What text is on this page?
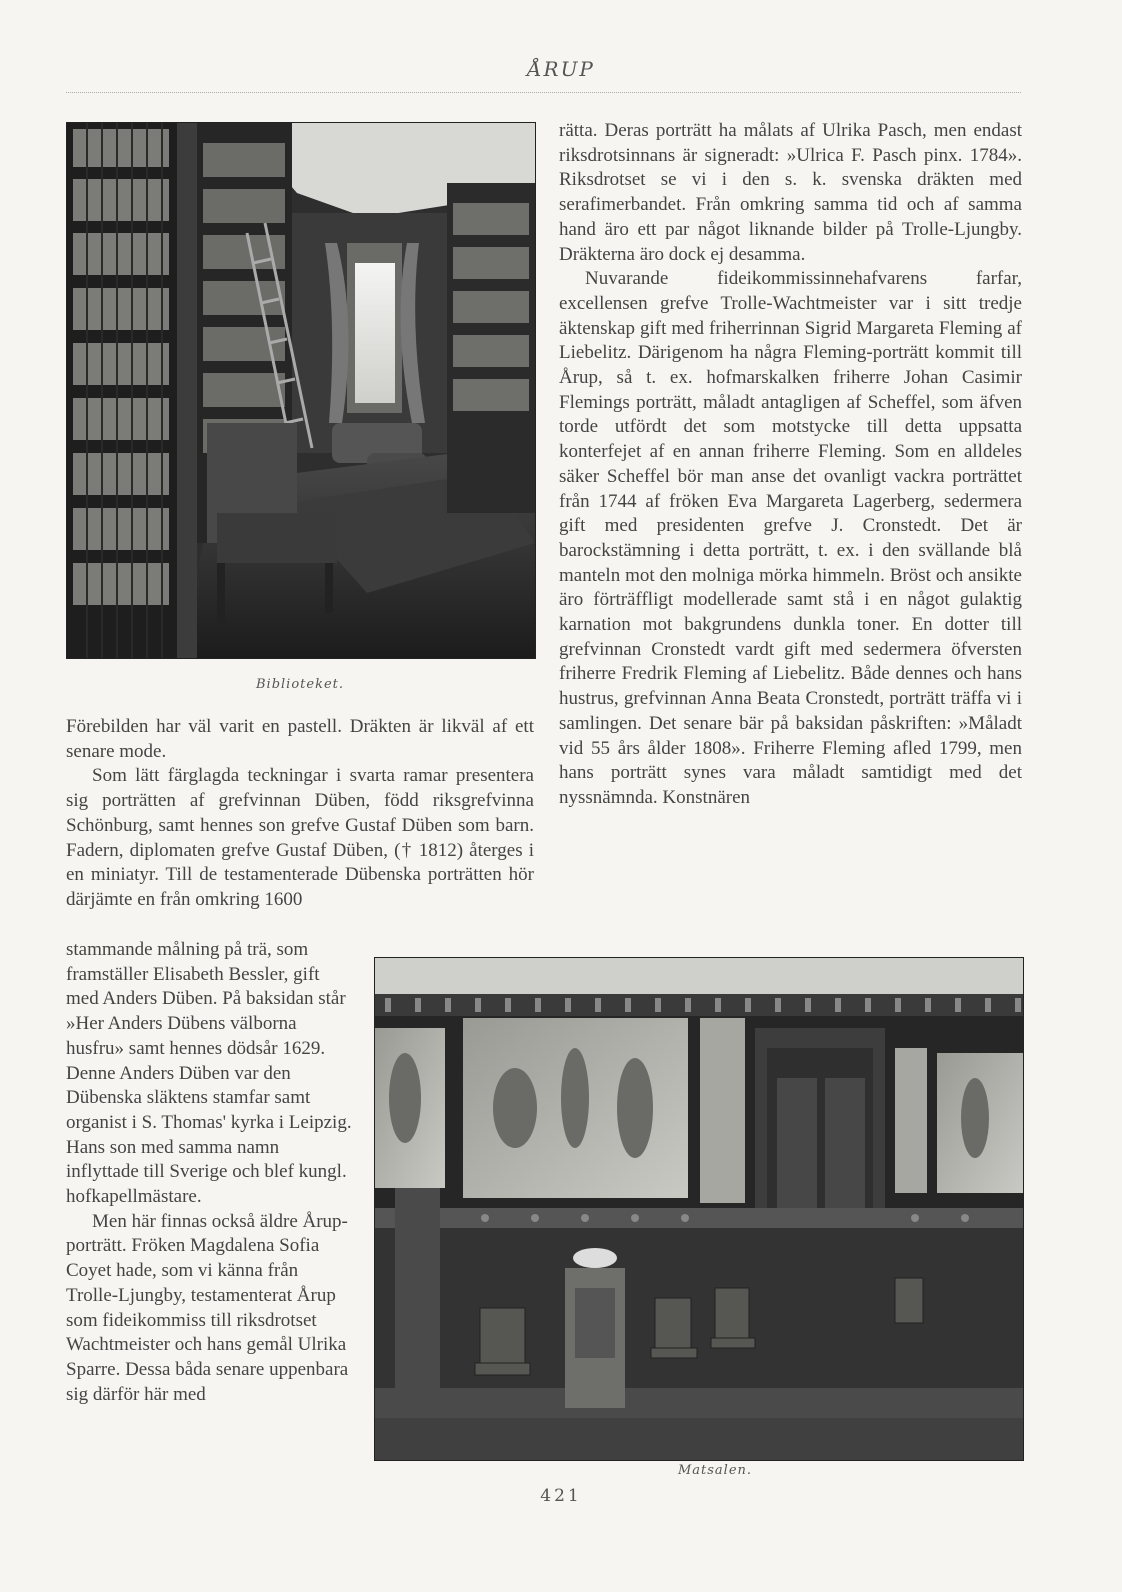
ÅRUP
Biblioteket.

rätta. Deras porträtt ha målats af Ulrika Pasch, men endast riksdrotsinnans är signeradt: »Ulrica F. Pasch pinx. 1784». Riksdrotset se vi i den s. k. svenska dräkten med serafimerbandet. Från omkring samma tid och af samma hand äro ett par något liknande bilder på Trolle-Ljungby. Dräkterna äro dock ej desamma.

Nuvarande fideikommissinnehafvarens farfar, excellensen grefve Trolle-Wachtmeister var i sitt tredje äktenskap gift med friherrinnan Sigrid Margareta Fleming af Liebelitz. Därigenom ha några Fleming-porträtt kommit till Årup, så t. ex. hofmarskalken friherre Johan Casimir Flemings porträtt, måladt antagligen af Scheffel, som äfven torde utfördt det som motstycke till detta uppsatta konterfejet af en annan friherre Fleming. Som en alldeles säker Scheffel bör man anse det ovanligt vackra porträttet från 1744 af fröken Eva Margareta Lagerberg, sedermera gift med presidenten grefve J. Cronstedt. Det är barockstämning i detta porträtt, t. ex. i den svällande blå manteln mot den molniga mörka himmeln. Bröst och ansikte äro förträffligt modellerade samt stå i en något gulaktig karnation mot bakgrundens dunkla toner. En dotter till grefvinnan Cronstedt vardt gift med sedermera öfversten friherre Fredrik Fleming af Liebelitz. Både dennes och hans hustrus, grefvinnan Anna Beata Cronstedt, porträtt träffa vi i samlingen. Det senare bär på baksidan påskriften: »Måladt vid 55 års ålder 1808». Friherre Fleming afled 1799, men hans porträtt synes vara måladt samtidigt med det nyssnämnda. Konstnären

Förebilden har väl varit en pastell. Dräkten är likväl af ett senare mode.

Som lätt färglagda teckningar i svarta ramar presentera sig porträtten af grefvinnan Düben, född riksgrefvinna Schönburg, samt hennes son grefve Gustaf Düben som barn. Fadern, diplomaten grefve Gustaf Düben, († 1812) återges i en miniatyr. Till de testamenterade Dübenska porträtten hör därjämte en från omkring 1600

stammande målning på trä, som framställer Elisabeth Bessler, gift med Anders Düben. På baksidan står »Her Anders Dübens välborna husfru» samt hennes dödsår 1629. Denne Anders Düben var den Dübenska släktens stamfar samt organist i S. Thomas' kyrka i Leipzig. Hans son med samma namn inflyttade till Sverige och blef kungl. hofkapellmästare.

Men här finnas också äldre Årup-porträtt. Fröken Magdalena Sofia Coyet hade, som vi känna från Trolle-Ljungby, testamenterat Årup som fideikommiss till riksdrotset Wachtmeister och hans gemål Ulrika Sparre. Dessa båda senare uppenbara sig därför här med

Matsalen.
421
